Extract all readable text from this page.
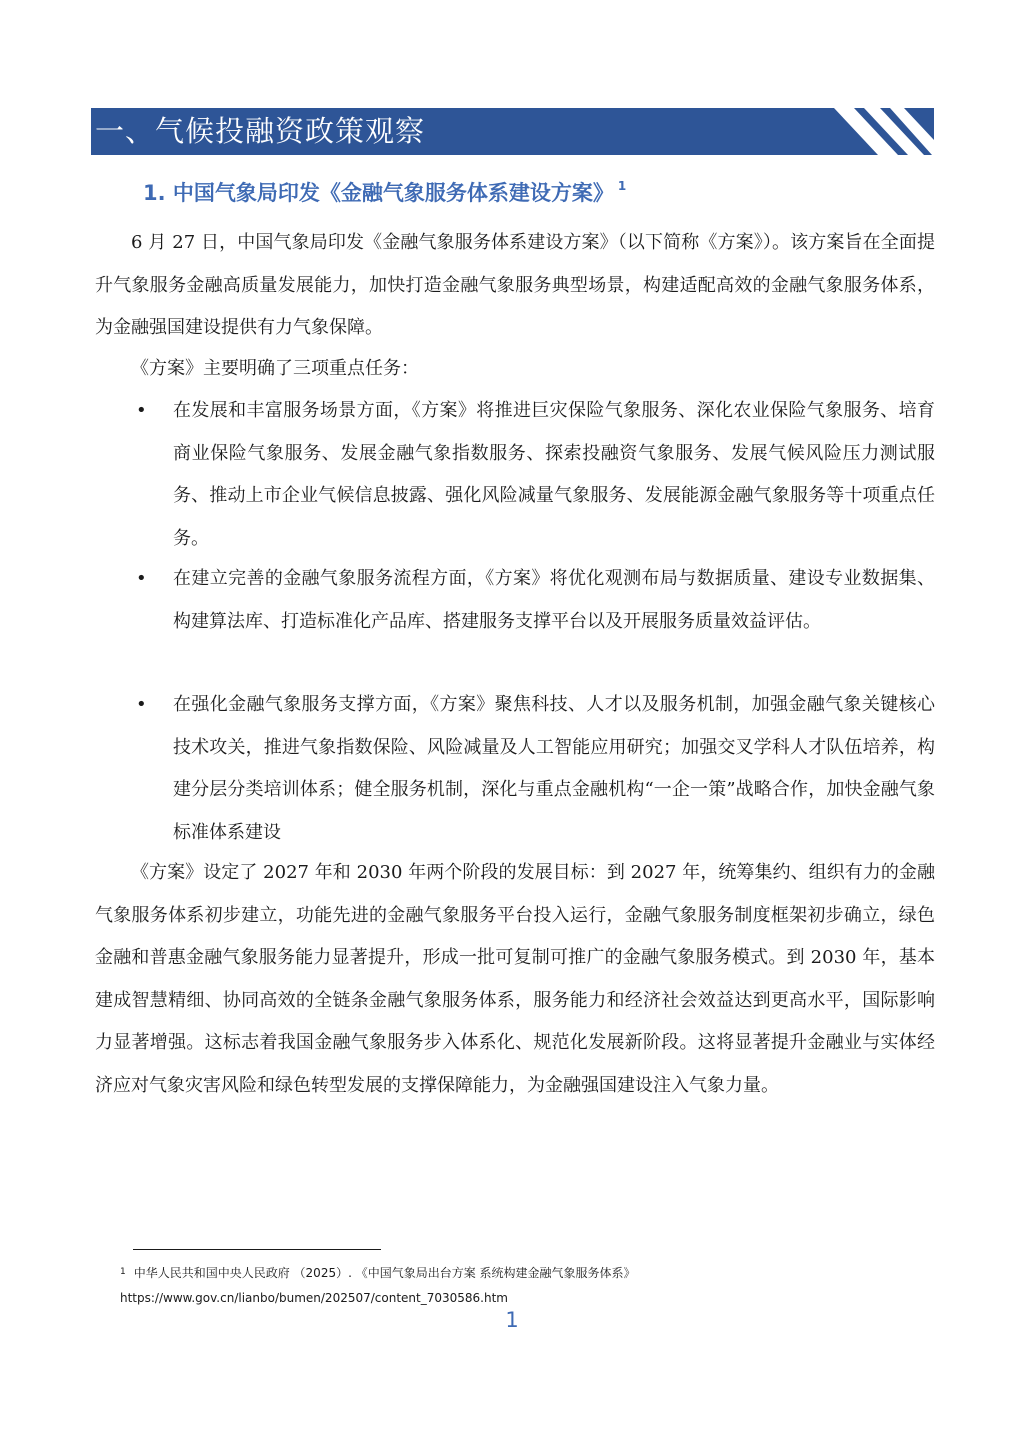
一、气候投融资政策观察
1. 中国气象局印发《金融气象服务体系建设方案》 $^1$

6 月 27 日，中国气象局印发《金融气象服务体系建设方案》（以下简称《方案》）。该方案旨在全面提升气象服务金融高质量发展能力，加快打造金融气象服务典型场景，构建适配高效的金融气象服务体系，为金融强国建设提供有力气象保障。

《方案》主要明确了三项重点任务：

• 在发展和丰富服务场景方面，《方案》将推进巨灾保险气象服务、深化农业保险气象服务、培育商业保险气象服务、发展金融气象指数服务、探索投融资气象服务、发展气候风险压力测试服务、推动上市企业气候信息披露、强化风险减量气象服务、发展能源金融气象服务等十项重点任务。

• 在建立完善的金融气象服务流程方面，《方案》将优化观测布局与数据质量、建设专业数据集、构建算法库、打造标准化产品库、搭建服务支撑平台以及开展服务质量效益评估。

• 在强化金融气象服务支撑方面，《方案》聚焦科技、人才以及服务机制，加强金融气象关键核心技术攻关，推进气象指数保险、风险减量及人工智能应用研究；加强交叉学科人才队伍培养，构建分层分类培训体系；健全服务机制，深化与重点金融机构“一企一策”战略合作，加快金融气象标准体系建设

《方案》设定了 2027 年和 2030 年两个阶段的发展目标：到 2027 年，统筹集约、组织有力的金融气象服务体系初步建立，功能先进的金融气象服务平台投入运行，金融气象服务制度框架初步确立，绿色金融和普惠金融气象服务能力显著提升，形成一批可复制可推广的金融气象服务模式。到 2030 年，基本建成智慧精细、协同高效的全链条金融气象服务体系，服务能力和经济社会效益达到更高水平，国际影响力显著增强。这标志着我国金融气象服务步入体系化、规范化发展新阶段。这将显著提升金融业与实体经济应对气象灾害风险和绿色转型发展的支撑保障能力，为金融强国建设注入气象力量。

$^1$ 中华人民共和国中央人民政府 （2025）. 《中国气象局出台方案 系统构建金融气象服务体系》
https://www.gov.cn/lianbo/bumen/202507/content_7030586.htm
1
